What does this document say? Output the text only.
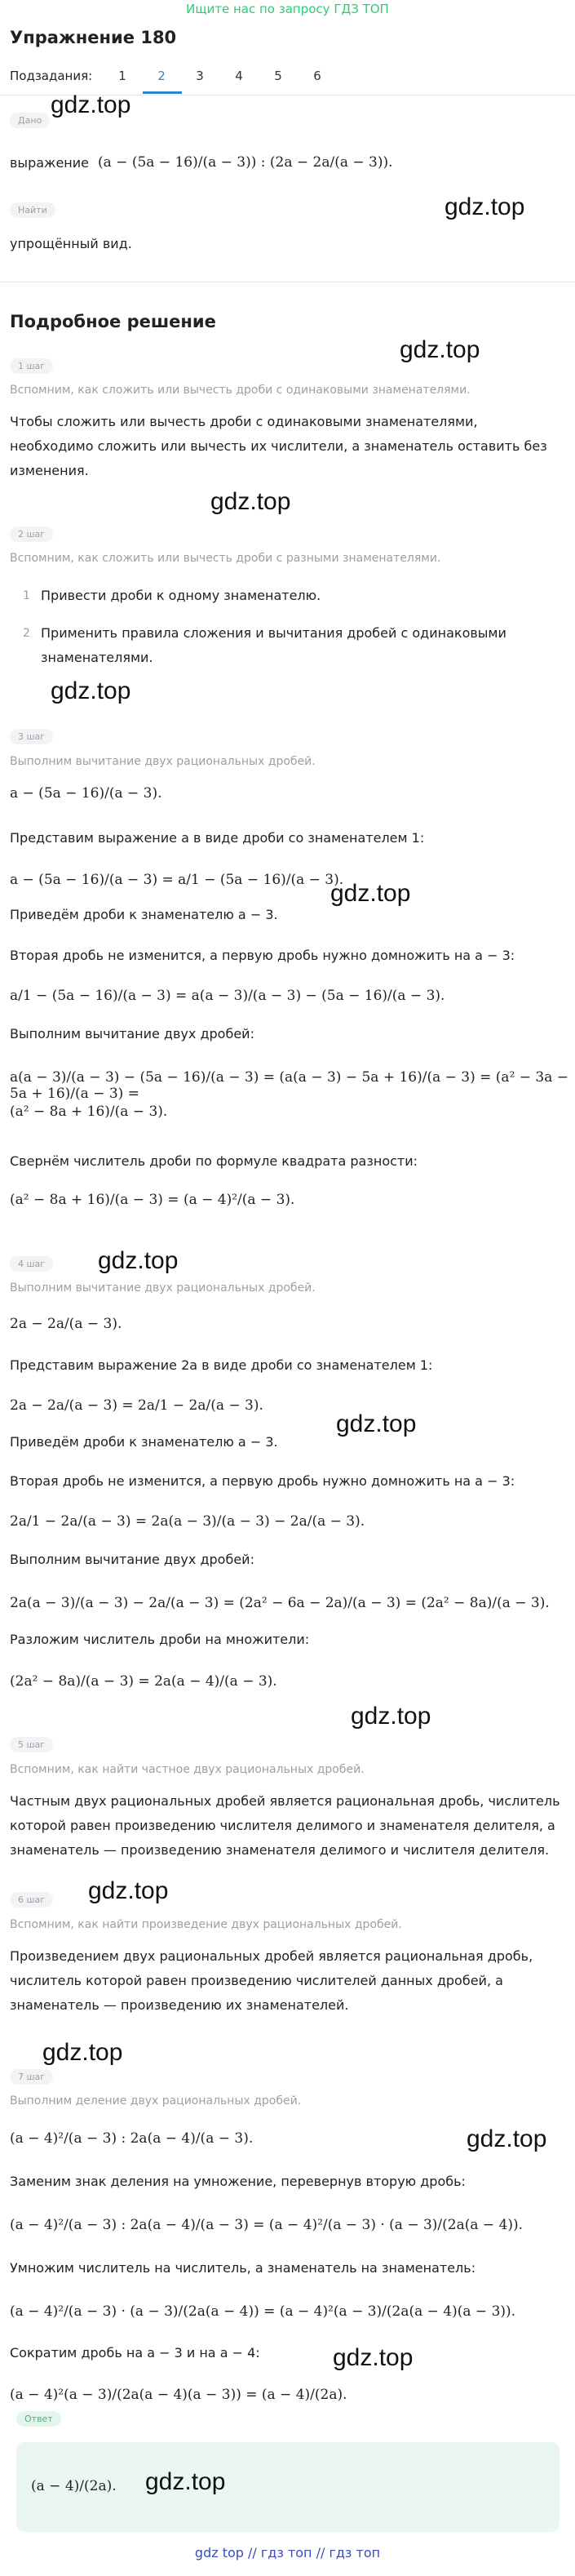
Ищите нас по запросу ГДЗ ТОП
Упражнение 180
Подзадания:	1	2	3	4	5	6
Дано
выражение (a − (5a − 16)/(a − 3)) : (2a − 2a/(a − 3)).
Найти
упрощённый вид.
Подробное решение
1 шаг
Вспомним, как сложить или вычесть дроби с одинаковыми знаменателями.
Чтобы сложить или вычесть дроби с одинаковыми знаменателями,
необходимо сложить или вычесть их числители, а знаменатель оставить без
изменения.
2 шаг
Вспомним, как сложить или вычесть дроби с разными знаменателями.
1 Привести дроби к одному знаменателю.
2 Применить правила сложения и вычитания дробей с одинаковыми
знаменателями.
3 шаг
Выполним вычитание двух рациональных дробей.
a − (5a − 16)/(a − 3).
Представим выражение a в виде дроби со знаменателем 1:
a − (5a − 16)/(a − 3) = a/1 − (5a − 16)/(a − 3).
Приведём дроби к знаменателю a − 3.
Вторая дробь не изменится, а первую дробь нужно домножить на a − 3:
a/1 − (5a − 16)/(a − 3) = a(a − 3)/(a − 3) − (5a − 16)/(a − 3).
Выполним вычитание двух дробей:
a(a − 3)/(a − 3) − (5a − 16)/(a − 3) = (a(a − 3) − 5a + 16)/(a − 3) = (a² − 3a − 5a + 16)/(a − 3) =
(a² − 8a + 16)/(a − 3).
Свернём числитель дроби по формуле квадрата разности:
(a² − 8a + 16)/(a − 3) = (a − 4)²/(a − 3).
4 шаг
Выполним вычитание двух рациональных дробей.
2a − 2a/(a − 3).
Представим выражение 2a в виде дроби со знаменателем 1:
2a − 2a/(a − 3) = 2a/1 − 2a/(a − 3).
Приведём дроби к знаменателю a − 3.
Вторая дробь не изменится, а первую дробь нужно домножить на a − 3:
2a/1 − 2a/(a − 3) = 2a(a − 3)/(a − 3) − 2a/(a − 3).
Выполним вычитание двух дробей:
2a(a − 3)/(a − 3) − 2a/(a − 3) = (2a² − 6a − 2a)/(a − 3) = (2a² − 8a)/(a − 3).
Разложим числитель дроби на множители:
(2a² − 8a)/(a − 3) = 2a(a − 4)/(a − 3).
5 шаг
Вспомним, как найти частное двух рациональных дробей.
Частным двух рациональных дробей является рациональная дробь, числитель
которой равен произведению числителя делимого и знаменателя делителя, а
знаменатель — произведению знаменателя делимого и числителя делителя.
6 шаг
Вспомним, как найти произведение двух рациональных дробей.
Произведением двух рациональных дробей является рациональная дробь,
числитель которой равен произведению числителей данных дробей, а
знаменатель — произведению их знаменателей.
7 шаг
Выполним деление двух рациональных дробей.
(a − 4)²/(a − 3) : 2a(a − 4)/(a − 3).
Заменим знак деления на умножение, перевернув вторую дробь:
(a − 4)²/(a − 3) : 2a(a − 4)/(a − 3) = (a − 4)²/(a − 3) · (a − 3)/(2a(a − 4)).
Умножим числитель на числитель, а знаменатель на знаменатель:
(a − 4)²/(a − 3) · (a − 3)/(2a(a − 4)) = (a − 4)²(a − 3)/(2a(a − 4)(a − 3)).
Сократим дробь на a − 3 и на a − 4:
(a − 4)²(a − 3)/(2a(a − 4)(a − 3)) = (a − 4)/(2a).
Ответ
(a − 4)/(2a).
gdz.top
gdz.top
gdz.top
gdz.top
gdz.top
gdz.top
gdz.top
gdz.top
gdz.top
gdz.top
gdz.top
gdz.top
gdz.top
gdz.top
gdz top // гдз топ // гдз топ
